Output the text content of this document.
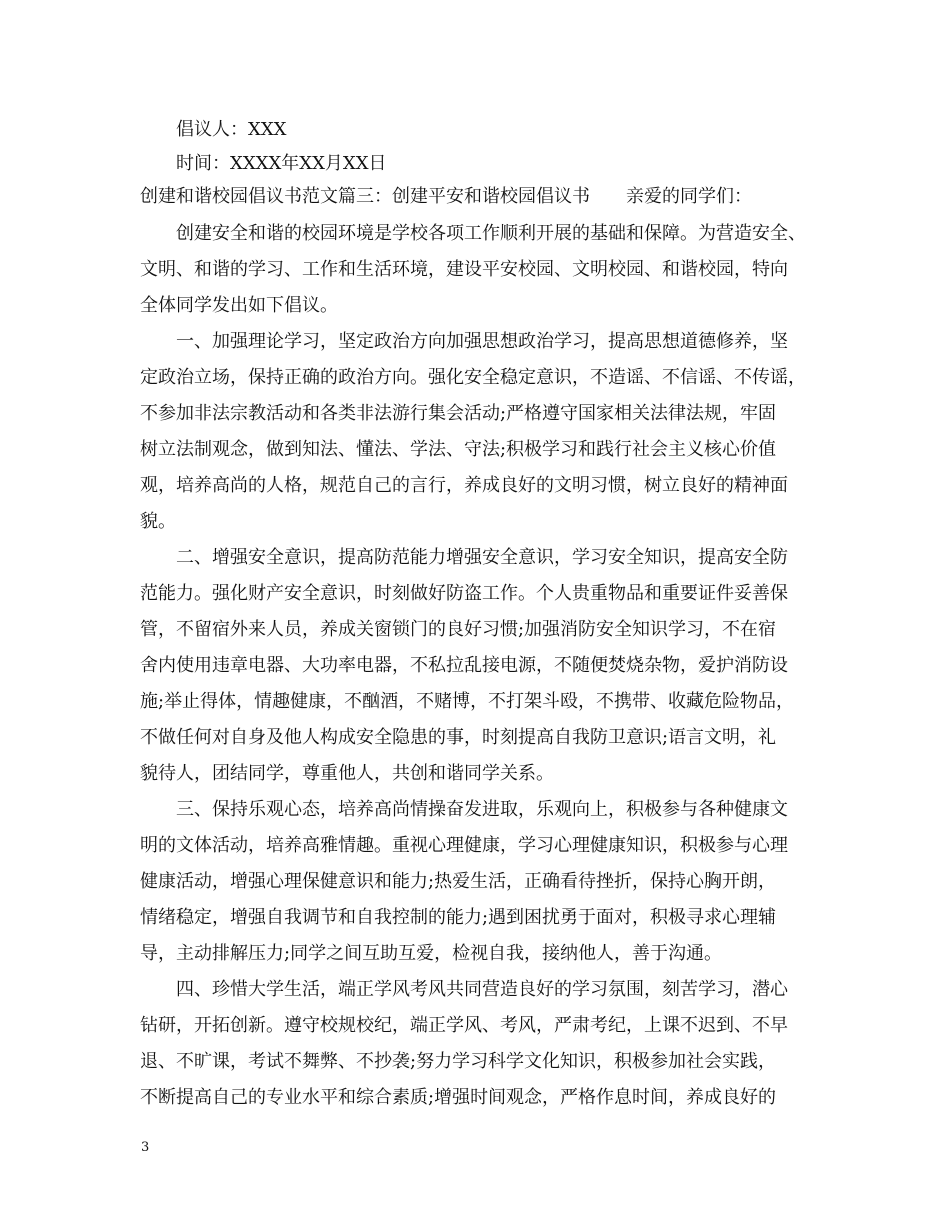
倡议人：XXX
时间：XXXX年XX月XX日
创建和谐校园倡议书范文篇三：创建平安和谐校园倡议书　　亲爱的同学们：
创建安全和谐的校园环境是学校各项工作顺利开展的基础和保障。为营造安全、
文明、和谐的学习、工作和生活环境，建设平安校园、文明校园、和谐校园，特向
全体同学发出如下倡议。
一、加强理论学习，坚定政治方向加强思想政治学习，提高思想道德修养，坚
定政治立场，保持正确的政治方向。强化安全稳定意识，不造谣、不信谣、不传谣，
不参加非法宗教活动和各类非法游行集会活动;严格遵守国家相关法律法规，牢固
树立法制观念，做到知法、懂法、学法、守法;积极学习和践行社会主义核心价值
观，培养高尚的人格，规范自己的言行，养成良好的文明习惯，树立良好的精神面
貌。
二、增强安全意识，提高防范能力增强安全意识，学习安全知识，提高安全防
范能力。强化财产安全意识，时刻做好防盗工作。个人贵重物品和重要证件妥善保
管，不留宿外来人员，养成关窗锁门的良好习惯;加强消防安全知识学习，不在宿
舍内使用违章电器、大功率电器，不私拉乱接电源，不随便焚烧杂物，爱护消防设
施;举止得体，情趣健康，不酗酒，不赌博，不打架斗殴，不携带、收藏危险物品，
不做任何对自身及他人构成安全隐患的事，时刻提高自我防卫意识;语言文明，礼
貌待人，团结同学，尊重他人，共创和谐同学关系。
三、保持乐观心态，培养高尚情操奋发进取，乐观向上，积极参与各种健康文
明的文体活动，培养高雅情趣。重视心理健康，学习心理健康知识，积极参与心理
健康活动，增强心理保健意识和能力;热爱生活，正确看待挫折，保持心胸开朗，
情绪稳定，增强自我调节和自我控制的能力;遇到困扰勇于面对，积极寻求心理辅
导，主动排解压力;同学之间互助互爱，检视自我，接纳他人，善于沟通。
四、珍惜大学生活，端正学风考风共同营造良好的学习氛围，刻苦学习，潜心
钻研，开拓创新。遵守校规校纪，端正学风、考风，严肃考纪，上课不迟到、不早
退、不旷课，考试不舞弊、不抄袭;努力学习科学文化知识，积极参加社会实践，
不断提高自己的专业水平和综合素质;增强时间观念，严格作息时间，养成良好的
3
